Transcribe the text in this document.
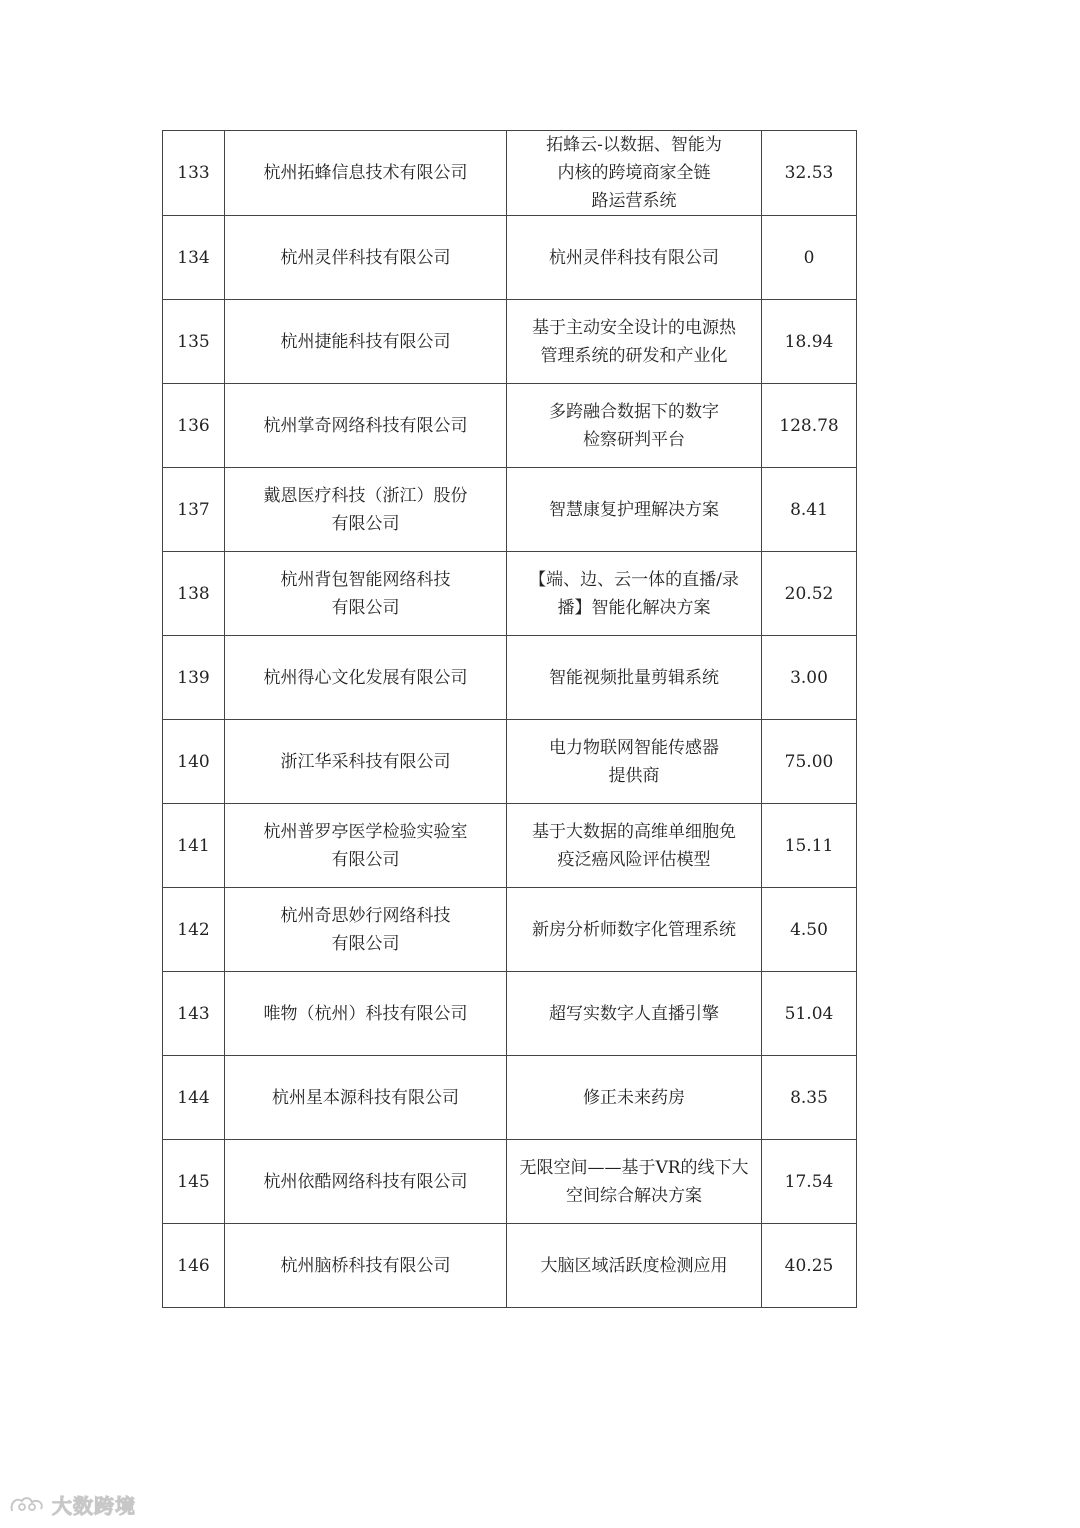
133	杭州拓蜂信息技术有限公司	拓蜂云-以数据、智能为
内核的跨境商家全链
路运营系统	32.53
134	杭州灵伴科技有限公司	杭州灵伴科技有限公司	0
135	杭州捷能科技有限公司	基于主动安全设计的电源热
管理系统的研发和产业化	18.94
136	杭州掌奇网络科技有限公司	多跨融合数据下的数字
检察研判平台	128.78
137	戴恩医疗科技（浙江）股份
有限公司	智慧康复护理解决方案	8.41
138	杭州背包智能网络科技
有限公司	【端、边、云一体的直播/录
播】智能化解决方案	20.52
139	杭州得心文化发展有限公司	智能视频批量剪辑系统	3.00
140	浙江华采科技有限公司	电力物联网智能传感器
提供商	75.00
141	杭州普罗亭医学检验实验室
有限公司	基于大数据的高维单细胞免
疫泛癌风险评估模型	15.11
142	杭州奇思妙行网络科技
有限公司	新房分析师数字化管理系统	4.50
143	唯物（杭州）科技有限公司	超写实数字人直播引擎	51.04
144	杭州星本源科技有限公司	修正未来药房	8.35
145	杭州依酷网络科技有限公司	无限空间——基于VR的线下大
空间综合解决方案	17.54
146	杭州脑桥科技有限公司	大脑区域活跃度检测应用	40.25
大数跨境
